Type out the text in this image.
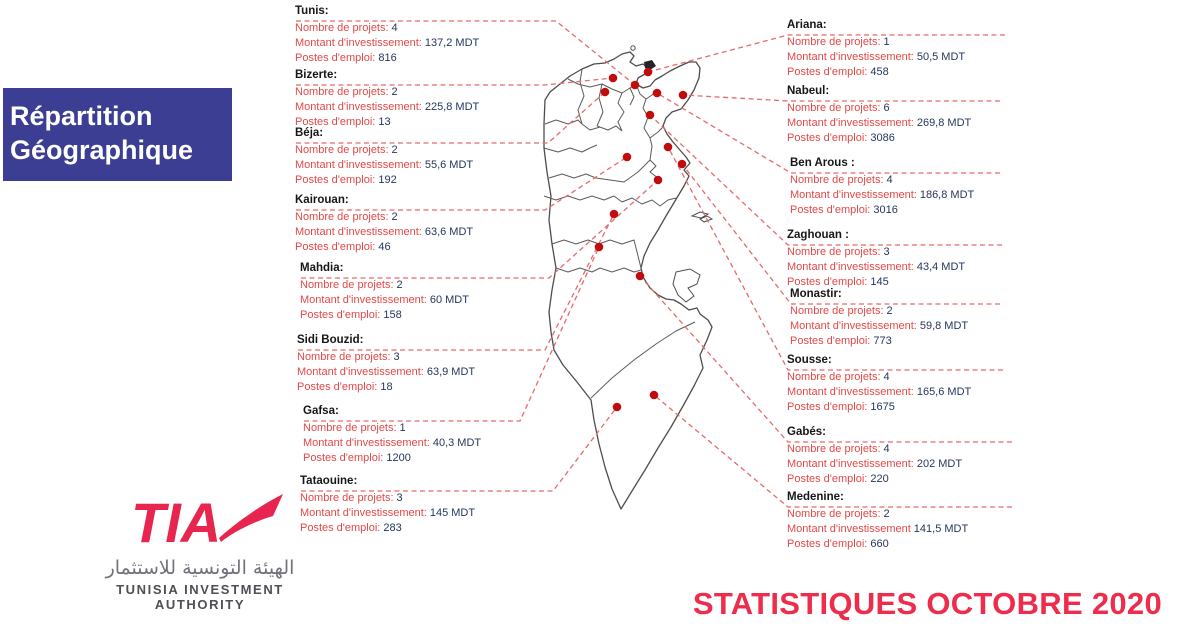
Répartition
Géographique
Tunis:
Nombre de projets: 4
Montant d'investissement: 137,2 MDT
Postes d'emploi: 816
Bizerte:
Nombre de projets: 2
Montant d'investissement: 225,8 MDT
Postes d'emploi: 13
Béja:
Nombre de projets: 2
Montant d'investissement: 55,6 MDT
Postes d'emploi: 192
Kairouan:
Nombre de projets: 2
Montant d'investissement: 63,6 MDT
Postes d'emploi: 46
Mahdia:
Nombre de projets: 2
Montant d'investissement: 60 MDT
Postes d'emploi: 158
Sidi Bouzid:
Nombre de projets: 3
Montant d'investissement: 63,9 MDT
Postes d'emploi: 18
Gafsa:
Nombre de projets: 1
Montant d'investissement: 40,3 MDT
Postes d'emploi: 1200
Tataouine:
Nombre de projets: 3
Montant d'investissement: 145 MDT
Postes d'emploi: 283
Ariana:
Nombre de projets: 1
Montant d'investissement: 50,5 MDT
Postes d'emploi: 458
Nabeul:
Nombre de projets: 6
Montant d'investissement: 269,8 MDT
Postes d'emploi: 3086
Ben Arous :
Nombre de projets: 4
Montant d'investissement: 186,8 MDT
Postes d'emploi: 3016
Zaghouan :
Nombre de projets: 3
Montant d'investissement: 43,4 MDT
Postes d'emploi: 145
Monastir:
Nombre de projets: 2
Montant d'investissement: 59,8 MDT
Postes d'emploi: 773
Sousse:
Nombre de projets: 4
Montant d'investissement: 165,6 MDT
Postes d'emploi: 1675
Gabés:
Nombre de projets: 4
Montant d'investissement: 202 MDT
Postes d'emploi: 220
Medenine:
Nombre de projets: 2
Montant d'investissement 141,5 MDT
Postes d'emploi: 660
TIA
الهيئة التونسية للاستثمار
TUNISIA INVESTMENT AUTHORITY	STATISTIQUES OCTOBRE 2020
